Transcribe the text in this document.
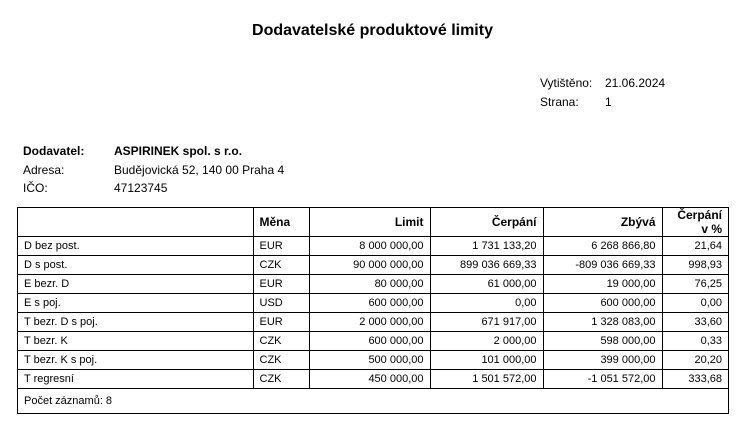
Dodavatelské produktové limity
Vytištěno: 21.06.2024
Strana: 1
Dodavatel: ASPIRINEK spol. s r.o.
Adresa:	Budějovická 52, 140 00 Praha 4
IČO:	47123745
	Měna	Limit	Čerpání	Zbývá	Čerpání v %
D bez post.	EUR	8 000 000,00	1 731 133,20	6 268 866,80	21,64
D s post.	CZK	90 000 000,00	899 036 669,33	-809 036 669,33	998,93
E bezr. D	EUR	80 000,00	61 000,00	19 000,00	76,25
E s poj.	USD	600 000,00	0,00	600 000,00	0,00
T bezr. D s poj.	EUR	2 000 000,00	671 917,00	1 328 083,00	33,60
T bezr. K	CZK	600 000,00	2 000,00	598 000,00	0,33
T bezr. K s poj.	CZK	500 000,00	101 000,00	399 000,00	20,20
T regresní	CZK	450 000,00	1 501 572,00	-1 051 572,00	333,68
Počet záznamů: 8
